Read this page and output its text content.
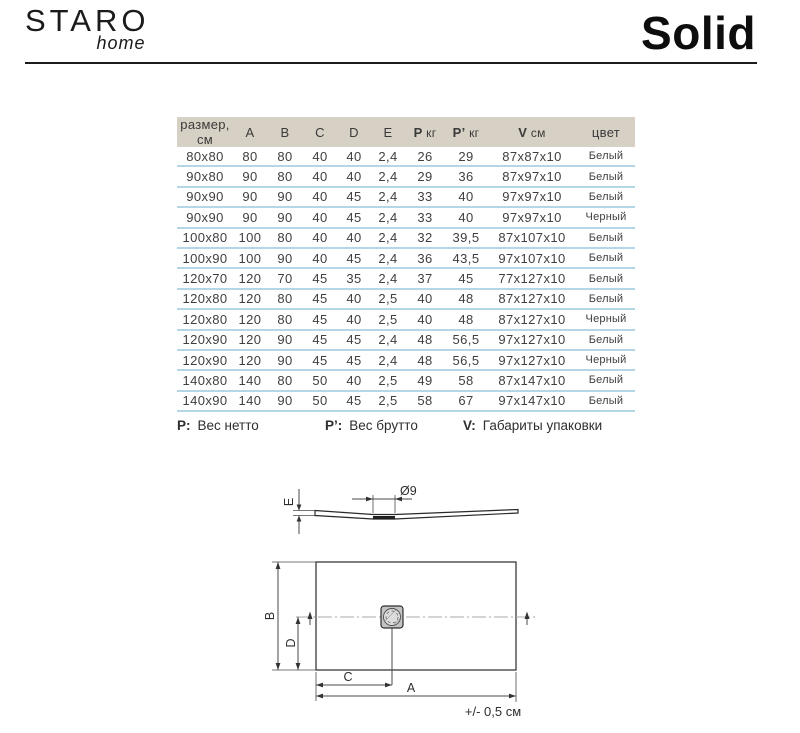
STARO
home	Solid
размер, см	A	B	C	D	E	P кг	P’ кг	V см	цвет
80x80	80	80	40	40	2,4	26	29	87x87x10	Белый
90x80	90	80	40	40	2,4	29	36	87x97x10	Белый
90x90	90	90	40	45	2,4	33	40	97x97x10	Белый
90x90	90	90	40	45	2,4	33	40	97x97x10	Черный
100x80	100	80	40	40	2,4	32	39,5	87x107x10	Белый
100x90	100	90	40	45	2,4	36	43,5	97x107x10	Белый
120x70	120	70	45	35	2,4	37	45	77x127x10	Белый
120x80	120	80	45	40	2,5	40	48	87x127x10	Белый
120x80	120	80	45	40	2,5	40	48	87x127x10	Черный
120x90	120	90	45	45	2,4	48	56,5	97x127x10	Белый
120x90	120	90	45	45	2,4	48	56,5	97x127x10	Черный
140x80	140	80	50	40	2,5	49	58	87x147x10	Белый
140x90	140	90	50	45	2,5	58	67	97x147x10	Белый
P: Вес нетто	P’: Вес брутто	V: Габариты упаковки
E
Ø9
B
D
C
A
+/- 0,5 см
